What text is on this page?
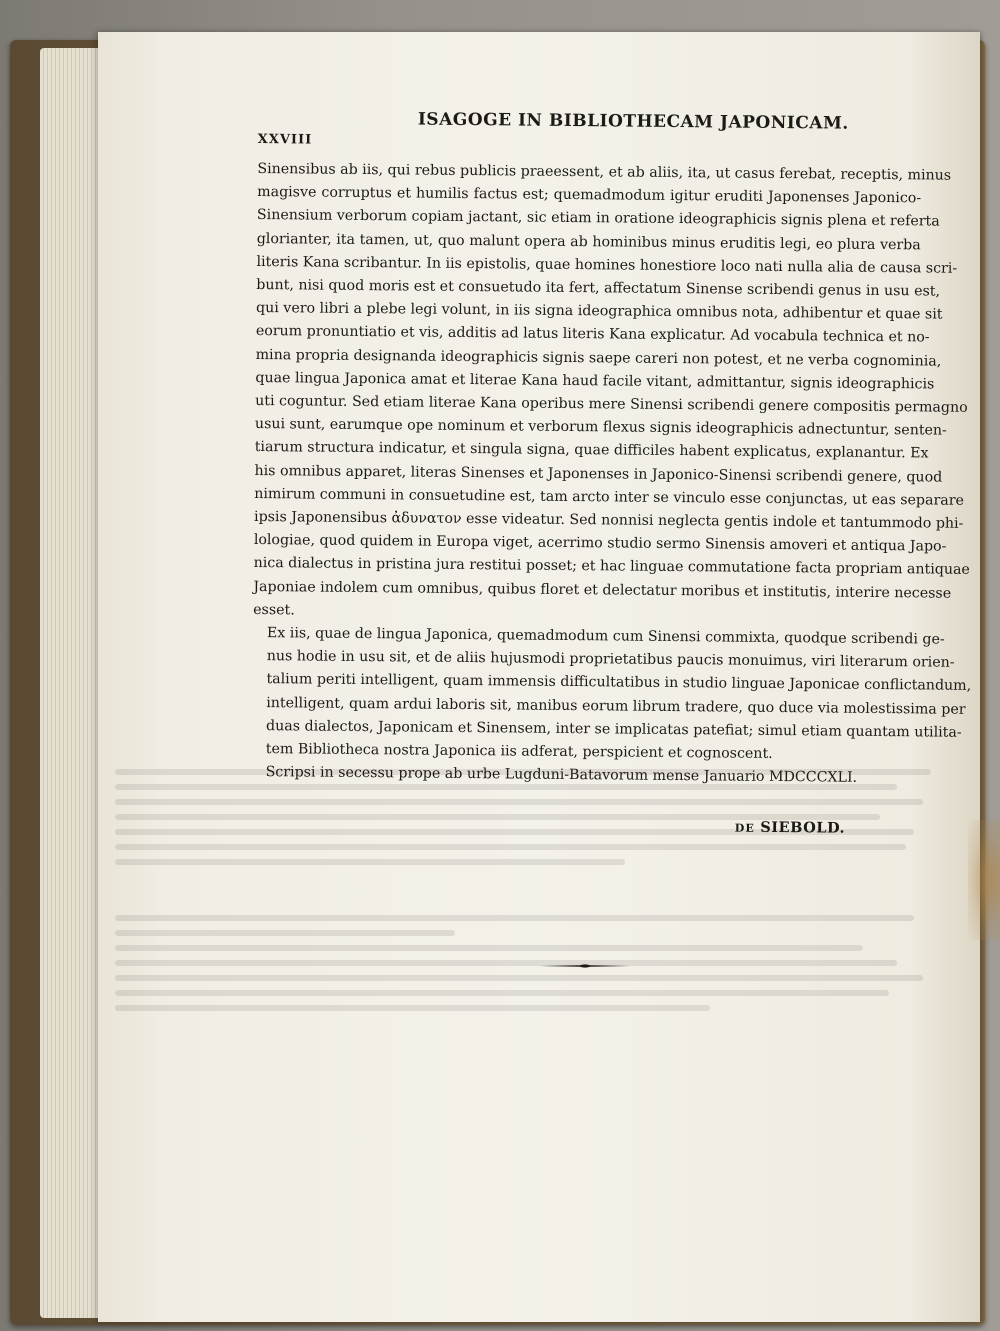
XXVIII
ISAGOGE IN BIBLIOTHECAM JAPONICAM.
Sinensibus ab iis, qui rebus publicis praeessent, et ab aliis, ita, ut casus ferebat, receptis, minus
magisve corruptus et humilis factus est; quemadmodum igitur eruditi Japonenses Japonico-
Sinensium verborum copiam jactant, sic etiam in oratione ideographicis signis plena et referta
glorianter, ita tamen, ut, quo malunt opera ab hominibus minus eruditis legi, eo plura verba
literis Kana scribantur. In iis epistolis, quae homines honestiore loco nati nulla alia de causa scri-
bunt, nisi quod moris est et consuetudo ita fert, affectatum Sinense scribendi genus in usu est,
qui vero libri a plebe legi volunt, in iis signa ideographica omnibus nota, adhibentur et quae sit
eorum pronuntiatio et vis, additis ad latus literis Kana explicatur. Ad vocabula technica et no-
mina propria designanda ideographicis signis saepe careri non potest, et ne verba cognominia,
quae lingua Japonica amat et literae Kana haud facile vitant, admittantur, signis ideographicis
uti coguntur. Sed etiam literae Kana operibus mere Sinensi scribendi genere compositis permagno
usui sunt, earumque ope nominum et verborum flexus signis ideographicis adnectuntur, senten-
tiarum structura indicatur, et singula signa, quae difficiles habent explicatus, explanantur. Ex
his omnibus apparet, literas Sinenses et Japonenses in Japonico-Sinensi scribendi genere, quod
nimirum communi in consuetudine est, tam arcto inter se vinculo esse conjunctas, ut eas separare
ipsis Japonensibus ἀδυνατον esse videatur. Sed nonnisi neglecta gentis indole et tantummodo phi-
lologiae, quod quidem in Europa viget, acerrimo studio sermo Sinensis amoveri et antiqua Japo-
nica dialectus in pristina jura restitui posset; et hac linguae commutatione facta propriam antiquae
Japoniae indolem cum omnibus, quibus floret et delectatur moribus et institutis, interire necesse
esset.
Ex iis, quae de lingua Japonica, quemadmodum cum Sinensi commixta, quodque scribendi ge-
nus hodie in usu sit, et de aliis hujusmodi proprietatibus paucis monuimus, viri literarum orien-
talium periti intelligent, quam immensis difficultatibus in studio linguae Japonicae conflictandum,
intelligent, quam ardui laboris sit, manibus eorum librum tradere, quo duce via molestissima per
duas dialectos, Japonicam et Sinensem, inter se implicatas patefiat; simul etiam quantam utilita-
tem Bibliotheca nostra Japonica iis adferat, perspicient et cognoscent.
Scripsi in secessu prope ab urbe Lugduni-Batavorum mense Januario MDCCCXLI.
DE SIEBOLD.
